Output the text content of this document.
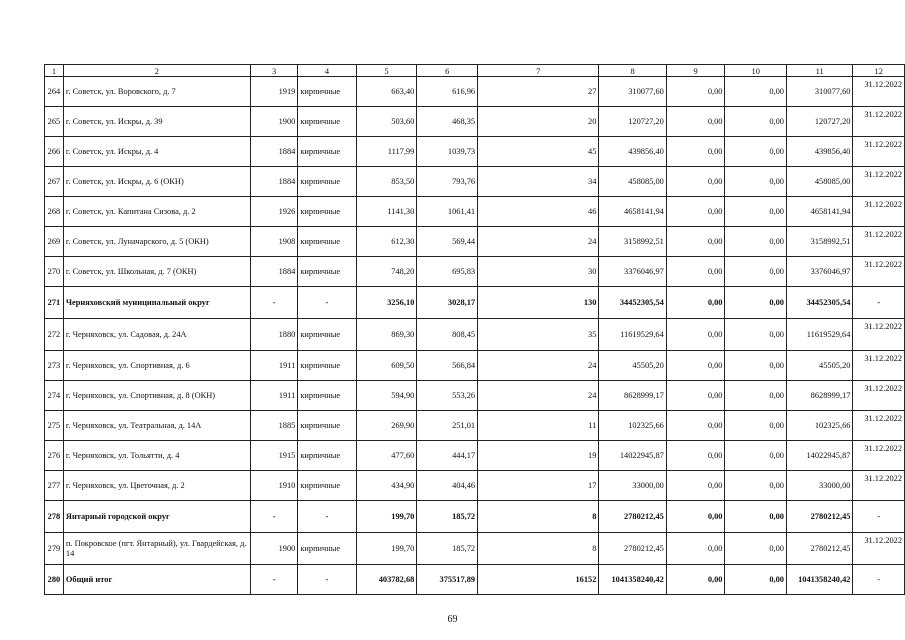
1	2	3	4	5	6	7	8	9	10	11	12
264	г. Советск, ул. Воровского, д. 7	1919	кирпичные	663,40	616,96	27	310077,60	0,00	0,00	310077,60	31.12.2022
265	г. Советск, ул. Искры, д. 39	1900	кирпичные	503,60	468,35	20	120727,20	0,00	0,00	120727,20	31.12.2022
266	г. Советск, ул. Искры, д. 4	1884	кирпичные	1117,99	1039,73	45	439856,40	0,00	0,00	439856,40	31.12.2022
267	г. Советск, ул. Искры, д. 6 (ОКН)	1884	кирпичные	853,50	793,76	34	458085,00	0,00	0,00	458085,00	31.12.2022
268	г. Советск, ул. Капитана Сизова, д. 2	1926	кирпичные	1141,30	1061,41	46	4658141,94	0,00	0,00	4658141,94	31.12.2022
269	г. Советск, ул. Луначарского, д. 5 (ОКН)	1908	кирпичные	612,30	569,44	24	3158992,51	0,00	0,00	3158992,51	31.12.2022
270	г. Советск, ул. Школьная, д. 7 (ОКН)	1884	кирпичные	748,20	695,83	30	3376046,97	0,00	0,00	3376046,97	31.12.2022
271	Черняховский муниципальный округ	-	-	3256,10	3028,17	130	34452305,54	0,00	0,00	34452305,54	-
272	г. Черняховск, ул. Садовая, д. 24А	1880	кирпичные	869,30	808,45	35	11619529,64	0,00	0,00	11619529,64	31.12.2022
273	г. Черняховск, ул. Спортивная, д. 6	1911	кирпичные	609,50	566,84	24	45505,20	0,00	0,00	45505,20	31.12.2022
274	г. Черняховск, ул. Спортивная, д. 8 (ОКН)	1911	кирпичные	594,90	553,26	24	8628999,17	0,00	0,00	8628999,17	31.12.2022
275	г. Черняховск, ул. Театральная, д. 14А	1885	кирпичные	269,90	251,01	11	102325,66	0,00	0,00	102325,66	31.12.2022
276	г. Черняховск, ул. Тольятти, д. 4	1915	кирпичные	477,60	444,17	19	14022945,87	0,00	0,00	14022945,87	31.12.2022
277	г. Черняховск, ул. Цветочная, д. 2	1910	кирпичные	434,90	404,46	17	33000,00	0,00	0,00	33000,00	31.12.2022
278	Янтарный городской округ	-	-	199,70	185,72	8	2780212,45	0,00	0,00	2780212,45	-
279	п. Покровское (пгт. Янтарный), ул. Гвардейская, д. 14	1900	кирпичные	199,70	185,72	8	2780212,45	0,00	0,00	2780212,45	31.12.2022
280	Общий итог	-	-	403782,68	375517,89	16152	1041358240,42	0,00	0,00	1041358240,42	-
69
